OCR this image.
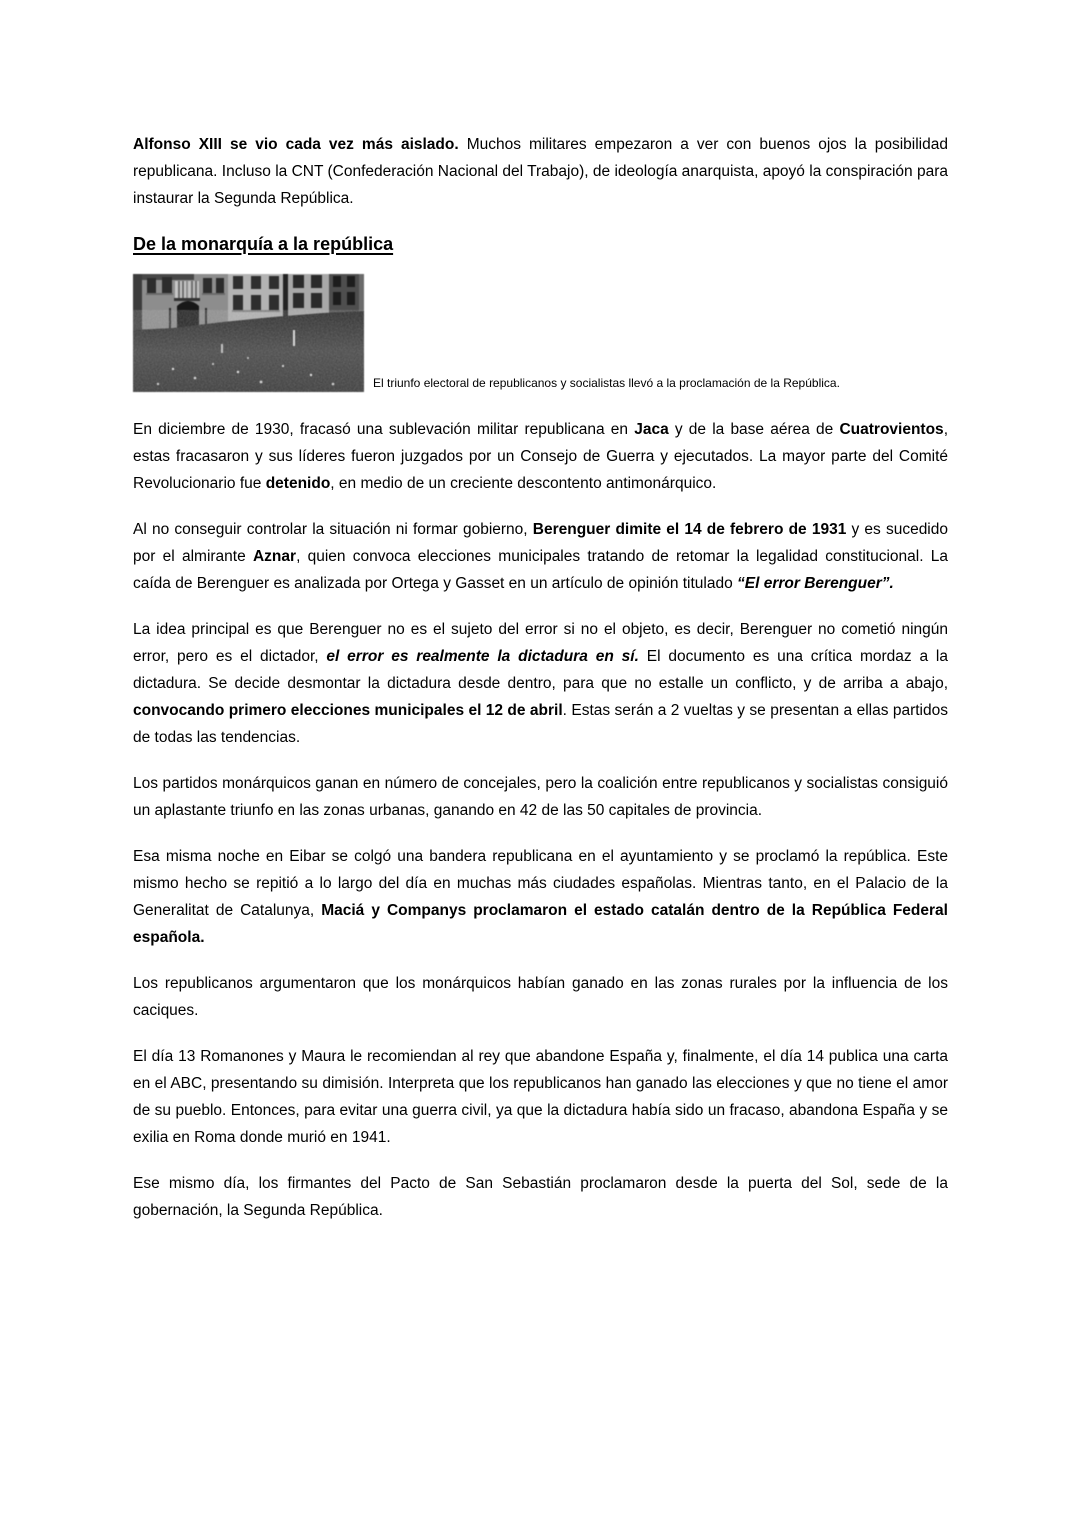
Alfonso XIII se vio cada vez más aislado. Muchos militares empezaron a ver con buenos ojos la posibilidad republicana. Incluso la CNT (Confederación Nacional del Trabajo), de ideología anarquista, apoyó la conspiración para instaurar la Segunda República.

De la monarquía a la república
El triunfo electoral de republicanos y socialistas llevó a la proclamación de la República.

En diciembre de 1930, fracasó una sublevación militar republicana en Jaca y de la base aérea de Cuatrovientos, estas fracasaron y sus líderes fueron juzgados por un Consejo de Guerra y ejecutados. La mayor parte del Comité Revolucionario fue detenido, en medio de un creciente descontento antimonárquico.

Al no conseguir controlar la situación ni formar gobierno, Berenguer dimite el 14 de febrero de 1931 y es sucedido por el almirante Aznar, quien convoca elecciones municipales tratando de retomar la legalidad constitucional. La caída de Berenguer es analizada por Ortega y Gasset en un artículo de opinión titulado “El error Berenguer”.

La idea principal es que Berenguer no es el sujeto del error si no el objeto, es decir, Berenguer no cometió ningún error, pero es el dictador, el error es realmente la dictadura en sí. El documento es una crítica mordaz a la dictadura. Se decide desmontar la dictadura desde dentro, para que no estalle un conflicto, y de arriba a abajo, convocando primero elecciones municipales el 12 de abril. Estas serán a 2 vueltas y se presentan a ellas partidos de todas las tendencias.

Los partidos monárquicos ganan en número de concejales, pero la coalición entre republicanos y socialistas consiguió un aplastante triunfo en las zonas urbanas, ganando en 42 de las 50 capitales de provincia.

Esa misma noche en Eibar se colgó una bandera republicana en el ayuntamiento y se proclamó la república. Este mismo hecho se repitió a lo largo del día en muchas más ciudades españolas. Mientras tanto, en el Palacio de la Generalitat de Catalunya, Maciá y Companys proclamaron el estado catalán dentro de la República Federal española.

Los republicanos argumentaron que los monárquicos habían ganado en las zonas rurales por la influencia de los caciques.

El día 13 Romanones y Maura le recomiendan al rey que abandone España y, finalmente, el día 14 publica una carta en el ABC, presentando su dimisión. Interpreta que los republicanos han ganado las elecciones y que no tiene el amor de su pueblo. Entonces, para evitar una guerra civil, ya que la dictadura había sido un fracaso, abandona España y se exilia en Roma donde murió en 1941.

Ese mismo día, los firmantes del Pacto de San Sebastián proclamaron desde la puerta del Sol, sede de la gobernación, la Segunda República.
